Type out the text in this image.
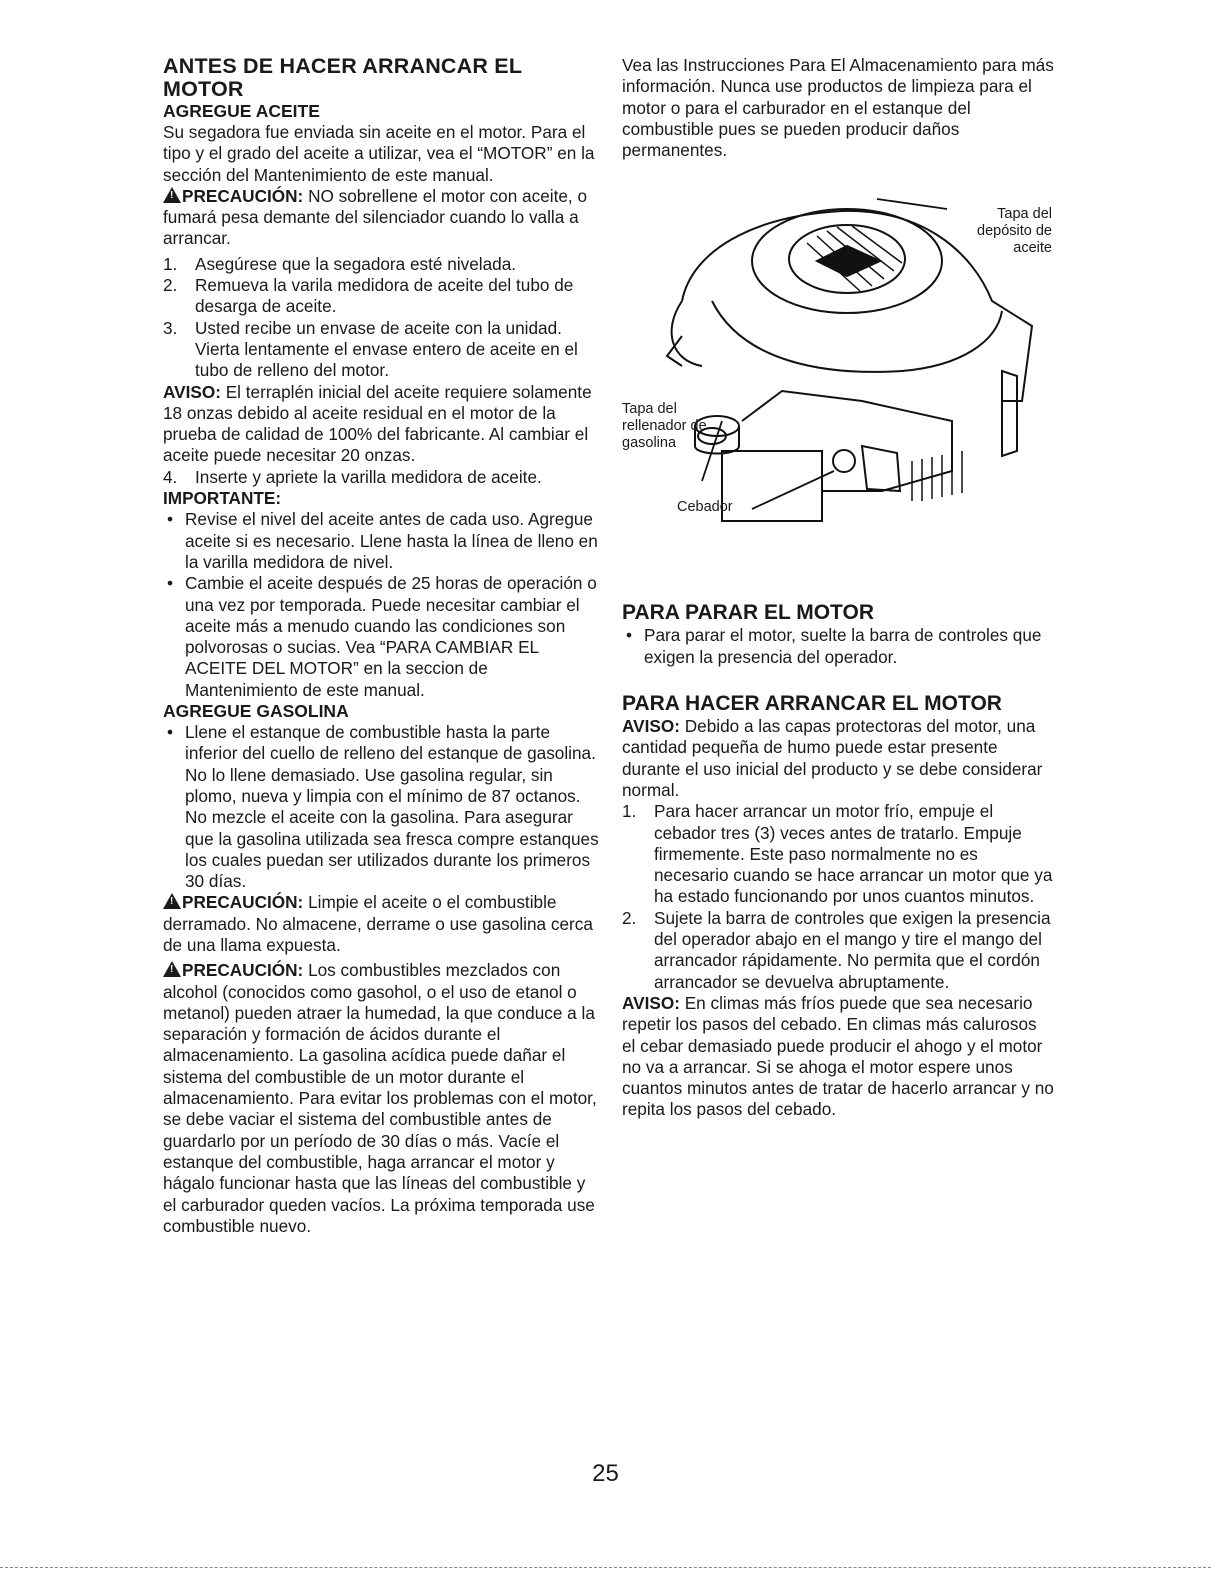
ANTES DE HACER ARRANCAR EL MOTOR
AGREGUE ACEITE

Su segadora fue enviada sin aceite en el motor. Para el tipo y el grado del aceite a utilizar, vea el “MOTOR” en la sección del Mantenimiento de este manual.

!PRECAUCIÓN: NO sobrellene el motor con aceite, o fumará pesa demante del silenciador cuando lo valla a arrancar.

1.	Asegúrese que la segadora esté nivelada.
2.	Remueva la varila medidora de aceite del tubo de desarga de aceite.
3.	Usted recibe un envase de aceite con la unidad. Vierta lentamente el envase entero de aceite en el tubo de relleno del motor.

AVISO: El terraplén inicial del aceite requiere solamente 18 onzas debido al aceite residual en el motor de la prueba de calidad de 100% del fabricante. Al cambiar el aceite puede necesitar 20 onzas.

4.	Inserte y apriete la varilla medidora de aceite.

IMPORTANTE:

• Revise el nivel del aceite antes de cada uso. Agregue aceite si es necesario. Llene hasta la línea de lleno en la varilla medidora de nivel.
• Cambie el aceite después de 25 horas de operación o una vez por temporada. Puede necesitar cambiar el aceite más a menudo cuando las condiciones son polvorosas o sucias. Vea “PARA CAMBIAR EL ACEITE DEL MOTOR” en la seccion de Mantenimiento de este manual.
AGREGUE GASOLINA
• Llene el estanque de combustible hasta la parte inferior del cuello de relleno del estanque de gasolina. No lo llene demasiado. Use gasolina regular, sin plomo, nueva y limpia con el mínimo de 87 octanos. No mezcle el aceite con la gasolina. Para asegurar que la gasolina utilizada sea fresca compre estanques los cuales puedan ser utilizados durante los primeros 30 días.

!PRECAUCIÓN: Limpie el aceite o el combustible derramado. No almacene, derrame o use gasolina cerca de una llama expuesta.

!PRECAUCIÓN: Los combustibles mezclados con alcohol (conocidos como gasohol, o el uso de etanol o metanol) pueden atraer la humedad, la que conduce a la separación y formación de ácidos durante el almacenamiento. La gasolina acídica puede dañar el sistema del combustible de un motor durante el almacenamiento. Para evitar los problemas con el motor, se debe vaciar el sistema del combustible antes de guardarlo por un período de 30 días o más. Vacíe el estanque del combustible, haga arrancar el motor y hágalo funcionar hasta que las líneas del combustible y el carburador queden vacíos. La próxima temporada use combustible nuevo.

Vea las Instrucciones Para El Almacenamiento para más información. Nunca use productos de limpieza para el motor o para el carburador en el estanque del combustible pues se pueden producir daños permanentes.

Tapa del depósito de aceite
Tapa del rellenador de gasolina
Cebador
PARA PARAR EL MOTOR
• Para parar el motor, suelte la barra de controles que exigen la presencia del operador.
PARA HACER ARRANCAR EL MOTOR

AVISO: Debido a las capas protectoras del motor, una cantidad pequeña de humo puede estar presente durante el uso inicial del producto y se debe considerar normal.

1.	Para hacer arrancar un motor frío, empuje el cebador tres (3) veces antes de tratarlo. Empuje firmemente. Este paso normalmente no es necesario cuando se hace arrancar un motor que ya ha estado funcionando por unos cuantos minutos.
2.	Sujete la barra de controles que exigen la presencia del operador abajo en el mango y tire el mango del arrancador rápidamente. No permita que el cordón arrancador se devuelva abruptamente.

AVISO: En climas más fríos puede que sea necesario repetir los pasos del cebado. En climas más calurosos el cebar demasiado puede producir el ahogo y el motor no va a arrancar. Si se ahoga el motor espere unos cuantos minutos antes de tratar de hacerlo arrancar y no repita los pasos del cebado.

25
